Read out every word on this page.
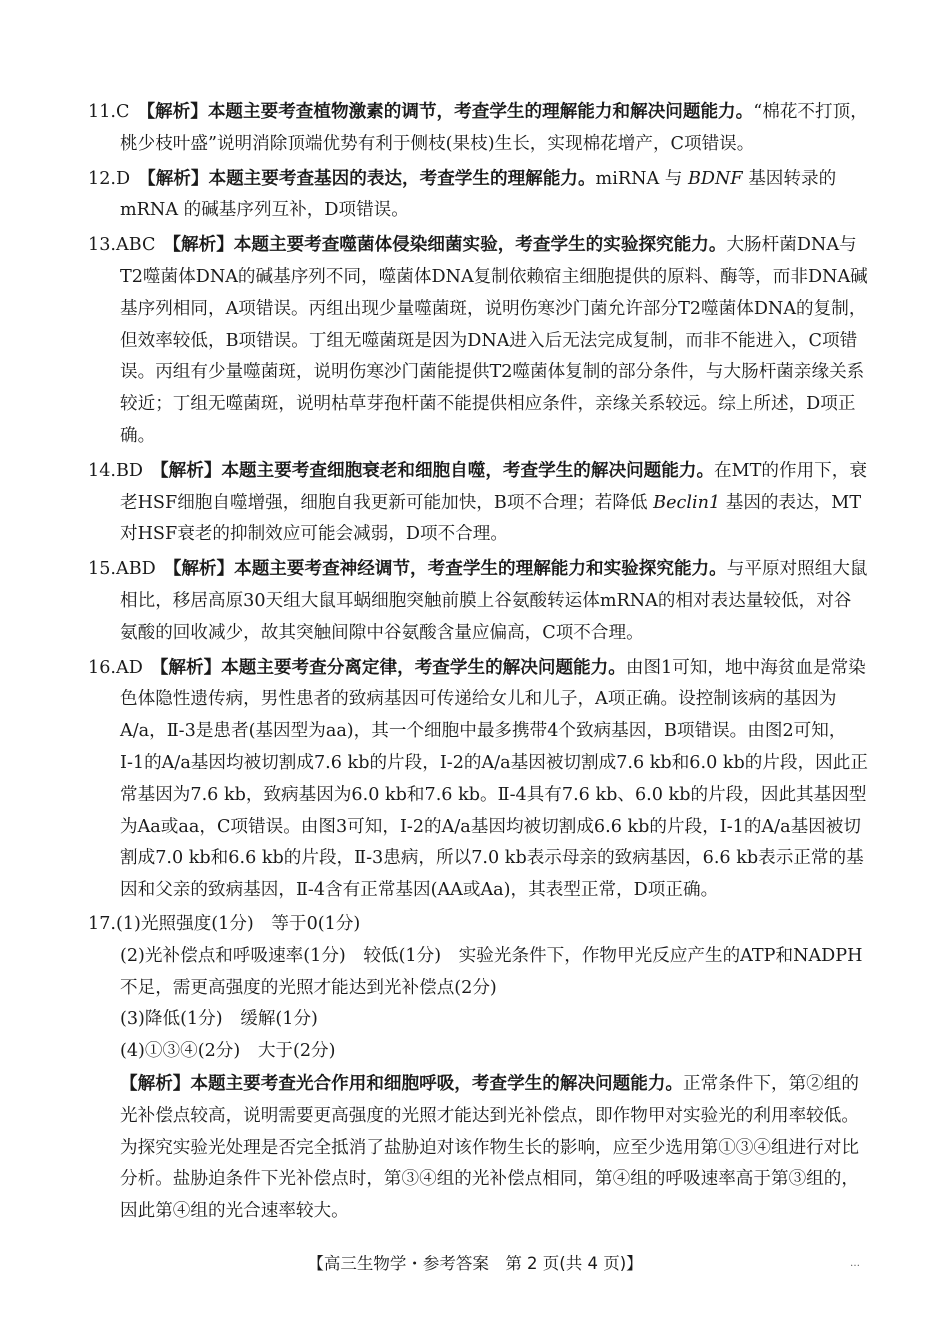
11.C 【解析】本题主要考查植物激素的调节，考查学生的理解能力和解决问题能力。“棉花不打顶，桃少枝叶盛”说明消除顶端优势有利于侧枝(果枝)生长，实现棉花增产，C项错误。
12.D 【解析】本题主要考查基因的表达，考查学生的理解能力。miRNA 与 BDNF 基因转录的 mRNA 的碱基序列互补，D项错误。
13.ABC 【解析】本题主要考查噬菌体侵染细菌实验，考查学生的实验探究能力。大肠杆菌DNA与T2噬菌体DNA的碱基序列不同，噬菌体DNA复制依赖宿主细胞提供的原料、酶等，而非DNA碱基序列相同，A项错误。丙组出现少量噬菌斑，说明伤寒沙门菌允许部分T2噬菌体DNA的复制，但效率较低，B项错误。丁组无噬菌斑是因为DNA进入后无法完成复制，而非不能进入，C项错误。丙组有少量噬菌斑，说明伤寒沙门菌能提供T2噬菌体复制的部分条件，与大肠杆菌亲缘关系较近；丁组无噬菌斑，说明枯草芽孢杆菌不能提供相应条件，亲缘关系较远。综上所述，D项正确。
14.BD 【解析】本题主要考查细胞衰老和细胞自噬，考查学生的解决问题能力。在MT的作用下，衰老HSF细胞自噬增强，细胞自我更新可能加快，B项不合理；若降低 Beclin1 基因的表达，MT对HSF衰老的抑制效应可能会减弱，D项不合理。
15.ABD 【解析】本题主要考查神经调节，考查学生的理解能力和实验探究能力。与平原对照组大鼠相比，移居高原30天组大鼠耳蜗细胞突触前膜上谷氨酸转运体mRNA的相对表达量较低，对谷氨酸的回收减少，故其突触间隙中谷氨酸含量应偏高，C项不合理。
16.AD 【解析】本题主要考查分离定律，考查学生的解决问题能力。由图1可知，地中海贫血是常染色体隐性遗传病，男性患者的致病基因可传递给女儿和儿子，A项正确。设控制该病的基因为A/a，Ⅱ-3是患者(基因型为aa)，其一个细胞中最多携带4个致病基因，B项错误。由图2可知，Ⅰ-1的A/a基因均被切割成7.6 kb的片段，Ⅰ-2的A/a基因被切割成7.6 kb和6.0 kb的片段，因此正常基因为7.6 kb，致病基因为6.0 kb和7.6 kb。Ⅱ-4具有7.6 kb、6.0 kb的片段，因此其基因型为Aa或aa，C项错误。由图3可知，Ⅰ-2的A/a基因均被切割成6.6 kb的片段，Ⅰ-1的A/a基因被切割成7.0 kb和6.6 kb的片段，Ⅱ-3患病，所以7.0 kb表示母亲的致病基因，6.6 kb表示正常的基因和父亲的致病基因，Ⅱ-4含有正常基因(AA或Aa)，其表型正常，D项正确。
17.(1)光照强度(1分)　等于0(1分)
(2)光补偿点和呼吸速率(1分)　较低(1分)　实验光条件下，作物甲光反应产生的ATP和NADPH不足，需更高强度的光照才能达到光补偿点(2分)
(3)降低(1分)　缓解(1分)
(4)①③④(2分)　大于(2分)
【解析】本题主要考查光合作用和细胞呼吸，考查学生的解决问题能力。正常条件下，第②组的光补偿点较高，说明需要更高强度的光照才能达到光补偿点，即作物甲对实验光的利用率较低。为探究实验光处理是否完全抵消了盐胁迫对该作物生长的影响，应至少选用第①③④组进行对比分析。盐胁迫条件下光补偿点时，第③④组的光补偿点相同，第④组的呼吸速率高于第③组的，因此第④组的光合速率较大。
【高三生物学・参考答案　第 2 页(共 4 页)】	…
